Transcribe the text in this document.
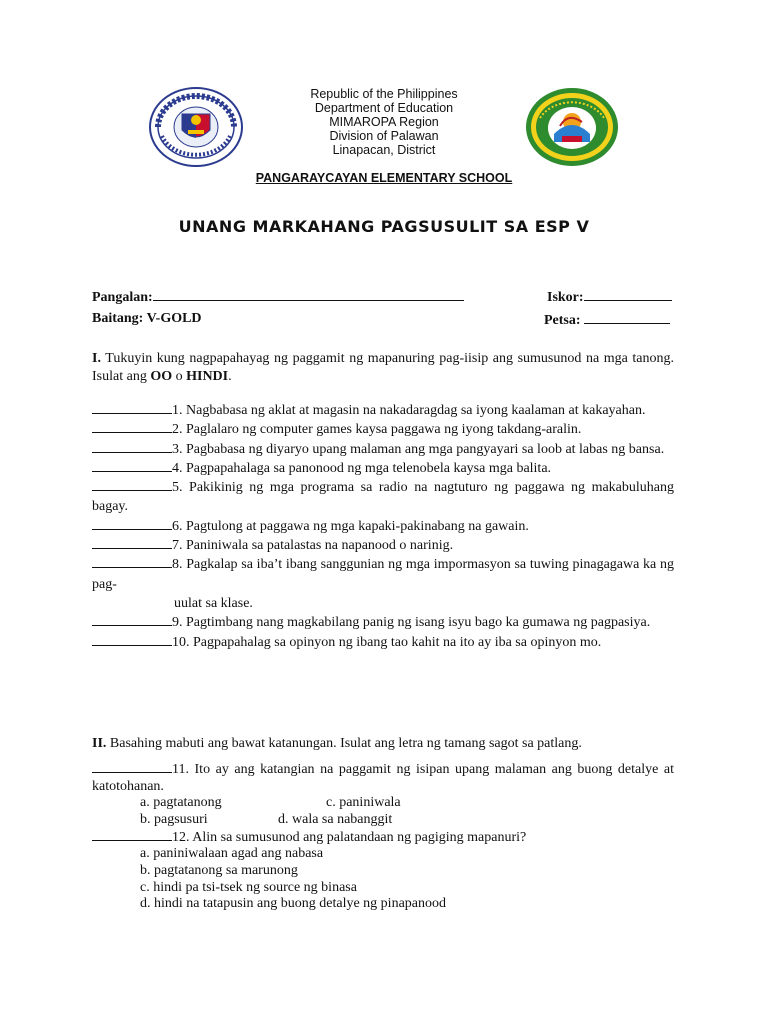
Republic of the Philippines
Department of Education
MIMAROPA Region
Division of Palawan
Linapacan, District
PANGARAYCAYAN ELEMENTARY SCHOOL
UNANG MARKAHANG PAGSUSULIT SA ESP V
Pangalan:	Iskor:
Baitang: V-GOLD	Petsa:
I. Tukuyin kung nagpapahayag ng paggamit ng mapanuring pag-iisip ang sumusunod na mga tanong. Isulat ang OO o HINDI.
1. Nagbabasa ng aklat at magasin na nakadaragdag sa iyong kaalaman at kakayahan.
2. Paglalaro ng computer games kaysa paggawa ng iyong takdang-aralin.
3. Pagbabasa ng diyaryo upang malaman ang mga pangyayari sa loob at labas ng bansa.
4. Pagpapahalaga sa panonood ng mga telenobela kaysa mga balita.
5. Pakikinig ng mga programa sa radio na nagtuturo ng paggawa ng makabuluhang bagay.
6. Pagtulong at paggawa ng mga kapaki-pakinabang na gawain.
7. Paniniwala sa patalastas na napanood o narinig.
8. Pagkalap sa iba’t ibang sanggunian ng mga impormasyon sa tuwing pinagagawa ka ng pag-
uulat sa klase.
9. Pagtimbang nang magkabilang panig ng isang isyu bago ka gumawa ng pagpasiya.
10. Pagpapahalag sa opinyon ng ibang tao kahit na ito ay iba sa opinyon mo.
II. Basahing mabuti ang bawat katanungan. Isulat ang letra ng tamang sagot sa patlang.
11. Ito ay ang katangian na paggamit ng isipan upang malaman ang buong detalye at katotohanan.
a. pagtatanong	c. paniniwala
b. pagsusuri	d. wala sa nabanggit
12. Alin sa sumusunod ang palatandaan ng pagiging mapanuri?
a. paniniwalaan agad ang nabasa
b. pagtatanong sa marunong
c. hindi pa tsi-tsek ng source ng binasa
d. hindi na tatapusin ang buong detalye ng pinapanood
